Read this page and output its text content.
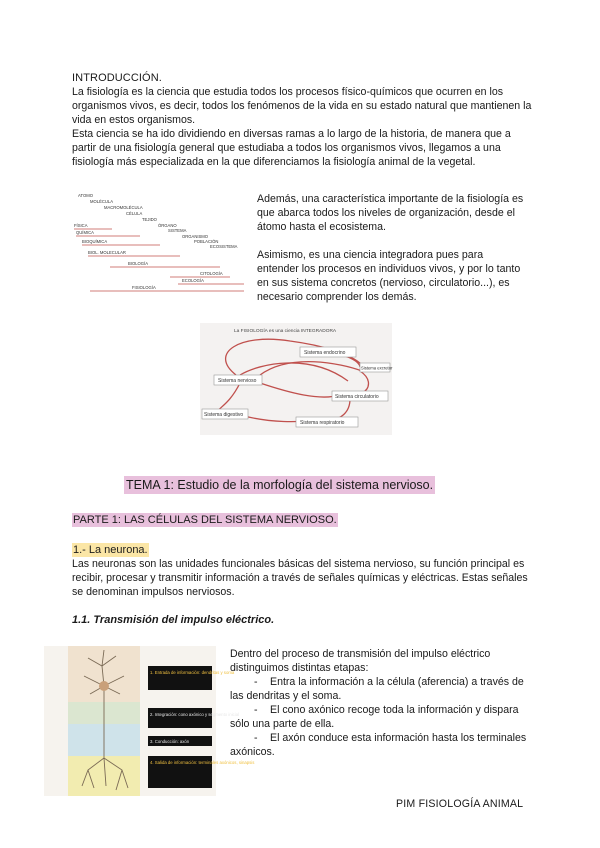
INTRODUCCIÓN.

La fisiología es la ciencia que estudia todos los procesos físico-químicos que ocurren en los organismos vivos, es decir, todos los fenómenos de la vida en su estado natural que mantienen la vida en estos organismos.

Esta ciencia se ha ido dividiendo en diversas ramas a lo largo de la historia, de manera que a partir de una fisiología general que estudiaba a todos los organismos vivos, llegamos a una fisiología más especializada en la que diferenciamos la fisiología animal de la vegetal.

ATOMO
MOLÉCULA
MACROMOLÉCULA
CÉLULA
TEJIDO
ÓRGANO
SISTEMA
ORGANISMO
POBLACIÓN
ECOSISTEMA
FÍSICA
QUÍMICA
BIOQUÍMICA
BIOL. MOLECULAR
BIOLOGÍA
CITOLOGÍA
ECOLOGÍA
FISIOLOGÍA

Además, una característica importante de la fisiología es que abarca todos los niveles de organización, desde el átomo hasta el ecosistema.

Asimismo, es una ciencia integradora pues para entender los procesos en individuos vivos, y por lo tanto en sus sistema concretos (nervioso, circulatorio...), es necesario comprender los demás.

La FISIOLOGÍA es una ciencia INTEGRADORA
Sistema endocrino
Sistema excretor
Sistema nervioso
Sistema circulatorio
Sistema digestivo
Sistema respiratorio
TEMA 1: Estudio de la morfología del sistema nervioso.
PARTE 1: LAS CÉLULAS DEL SISTEMA NERVIOSO.
1.- La neurona.
Las neuronas son las unidades funcionales básicas del sistema nervioso, su función principal es recibir, procesar y transmitir información a través de señales químicas y eléctricas. Estas señales se denominan impulsos nerviosos.
1.1. Transmisión del impulso eléctrico.
1. Entrada de información: dendritas y soma
2. Integración: cono axónico y segmento inicial
3. Conducción: axón
4. Salida de información: terminales axónicos, sinapsis

Dentro del proceso de transmisión del impulso eléctrico distinguimos distintas etapas:

- Entra la información a la célula (aferencia) a través de las dendritas y el soma.
- El cono axónico recoge toda la información y dispara sólo una parte de ella.
- El axón conduce esta información hasta los terminales axónicos.
PIM FISIOLOGÍA ANIMAL
